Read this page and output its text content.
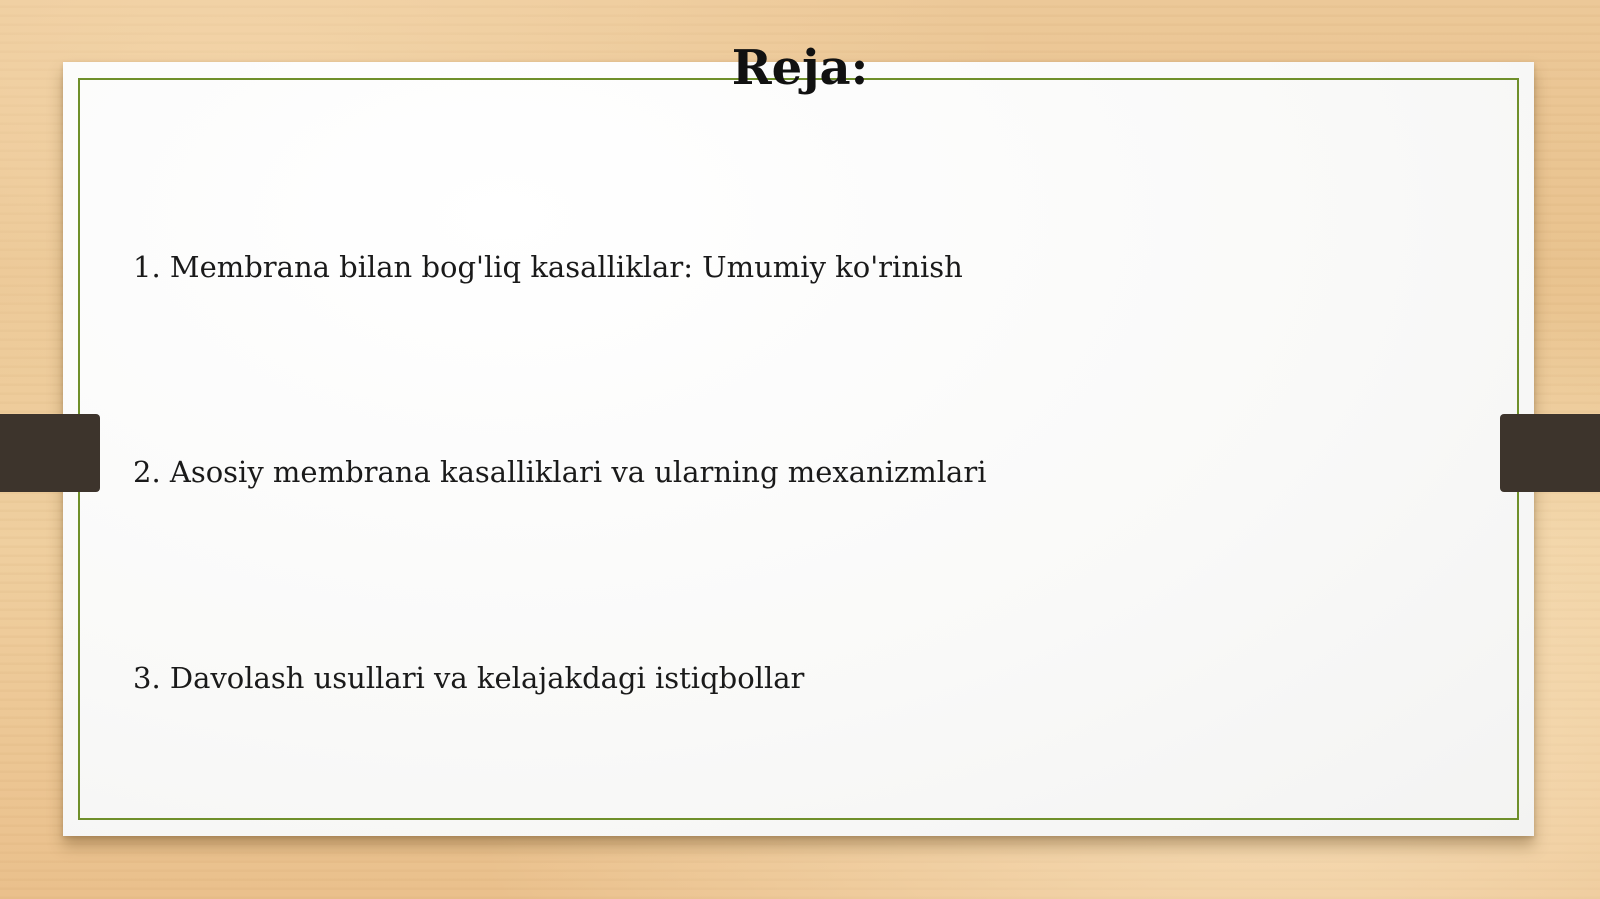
Reja:
1. Membrana bilan bog'liq kasalliklar: Umumiy ko'rinish
2. Asosiy membrana kasalliklari va ularning mexanizmlari
3. Davolash usullari va kelajakdagi istiqbollar
